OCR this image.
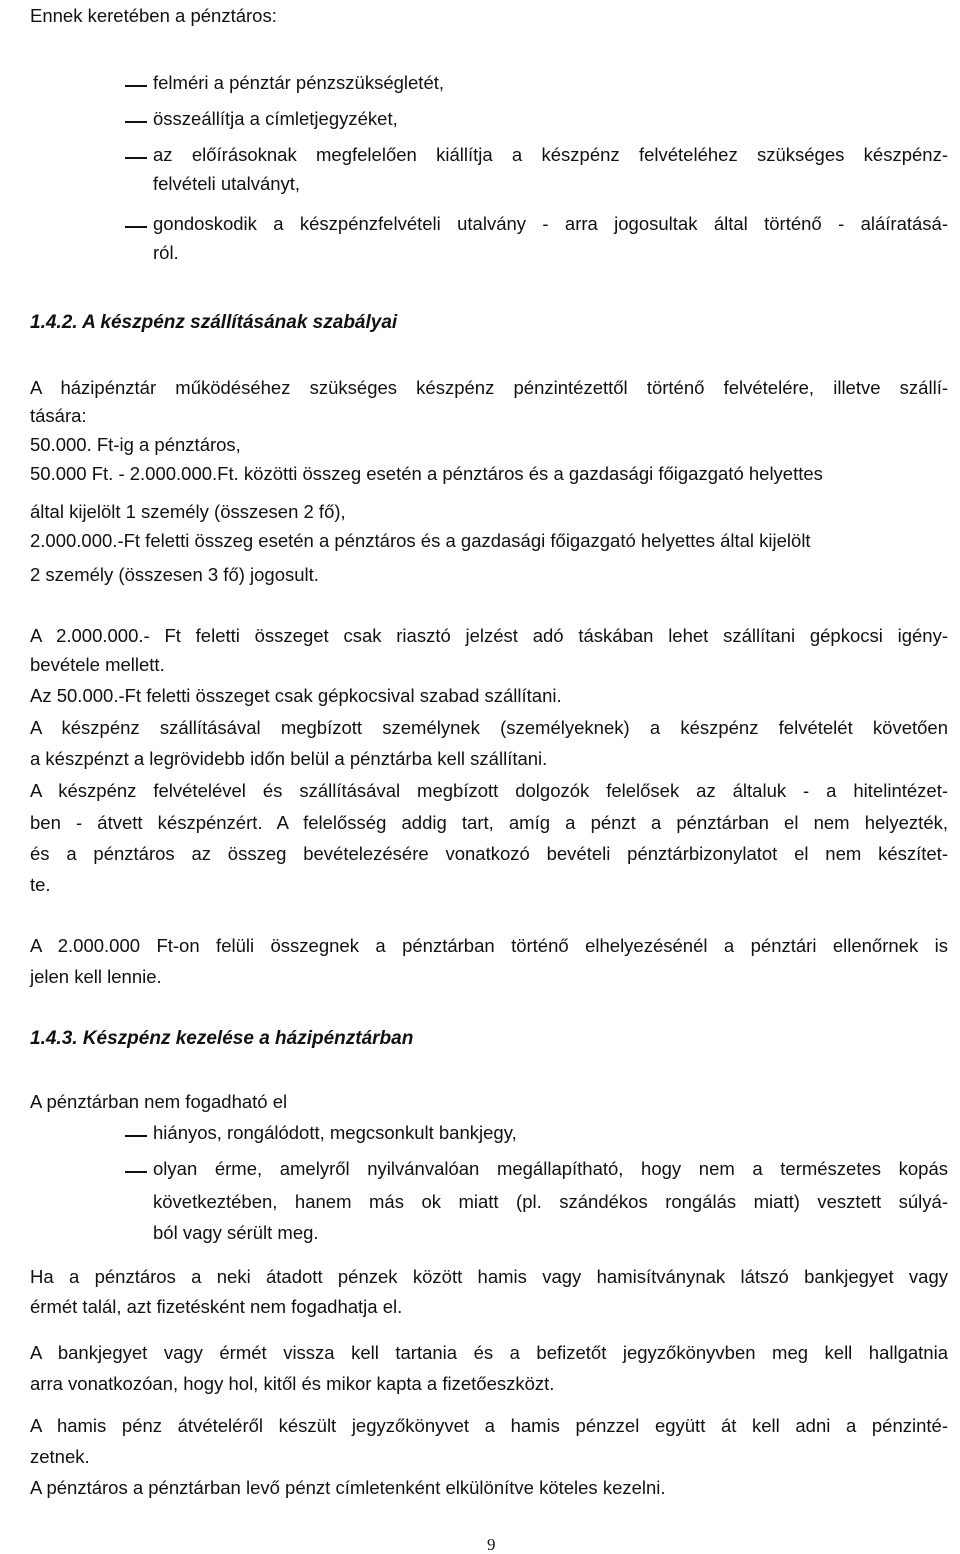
Ennek keretében a pénztáros:
felméri a pénztár pénzszükségletét,
összeállítja a címletjegyzéket,
az előírásoknak megfelelően kiállítja a készpénz felvételéhez szükséges készpénz-
felvételi utalványt,
gondoskodik a készpénzfelvételi utalvány - arra jogosultak által történő - aláíratásá-
ról.
1.4.2. A készpénz szállításának szabályai
A házipénztár működéséhez szükséges készpénz pénzintézettől történő felvételére, illetve szállí-
tására:
50.000. Ft-ig a pénztáros,
50.000 Ft. - 2.000.000.Ft. közötti összeg esetén a pénztáros és a gazdasági főigazgató helyettes
által kijelölt 1 személy (összesen 2 fő),
2.000.000.-Ft feletti összeg esetén a pénztáros és a gazdasági főigazgató helyettes által kijelölt
2 személy (összesen 3 fő) jogosult.
A 2.000.000.- Ft feletti összeget csak riasztó jelzést adó táskában lehet szállítani gépkocsi igény-
bevétele mellett.
Az 50.000.-Ft feletti összeget csak gépkocsival szabad szállítani.
A készpénz szállításával megbízott személynek (személyeknek) a készpénz felvételét követően
a készpénzt a legrövidebb időn belül a pénztárba kell szállítani.
A készpénz felvételével és szállításával megbízott dolgozók felelősek az általuk - a hitelintézet-
ben - átvett készpénzért. A felelősség addig tart, amíg a pénzt a pénztárban el nem helyezték,
és a pénztáros az összeg bevételezésére vonatkozó bevételi pénztárbizonylatot el nem készítet-
te.
A 2.000.000 Ft-on felüli összegnek a pénztárban történő elhelyezésénél a pénztári ellenőrnek is
jelen kell lennie.
1.4.3. Készpénz kezelése a házipénztárban
A pénztárban nem fogadható el
hiányos, rongálódott, megcsonkult bankjegy,
olyan érme, amelyről nyilvánvalóan megállapítható, hogy nem a természetes kopás
következtében, hanem más ok miatt (pl. szándékos rongálás miatt) vesztett súlyá-
ból vagy sérült meg.
Ha a pénztáros a neki átadott pénzek között hamis vagy hamisítványnak látszó bankjegyet vagy
érmét talál, azt fizetésként nem fogadhatja el.
A bankjegyet vagy érmét vissza kell tartania és a befizetőt jegyzőkönyvben meg kell hallgatnia
arra vonatkozóan, hogy hol, kitől és mikor kapta a fizetőeszközt.
A hamis pénz átvételéről készült jegyzőkönyvet a hamis pénzzel együtt át kell adni a pénzinté-
zetnek.
A pénztáros a pénztárban levő pénzt címletenként elkülönítve köteles kezelni.
9
